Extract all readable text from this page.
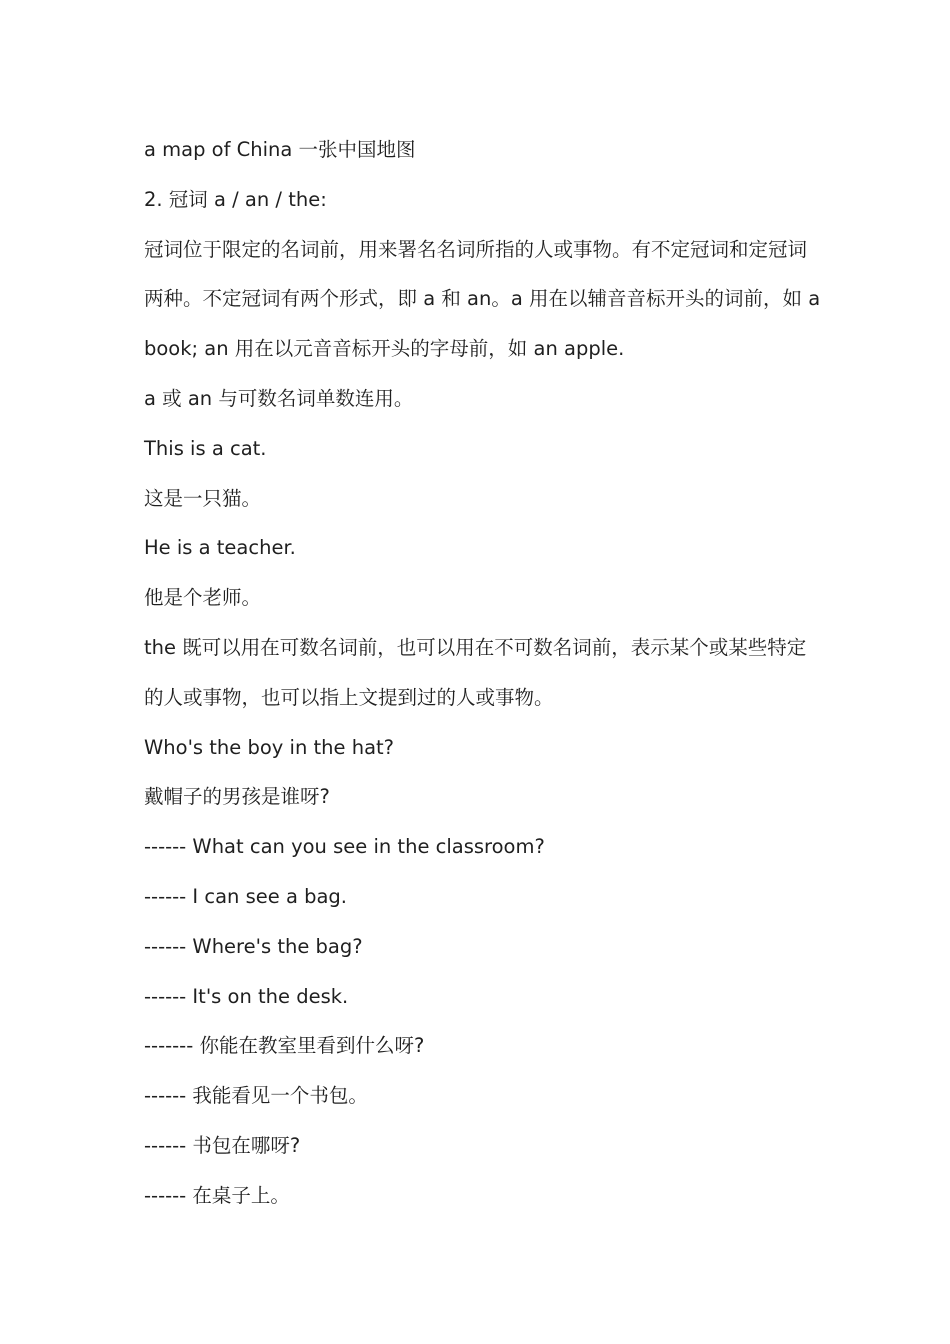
a map of China 一张中国地图
2. 冠词 a / an / the:
冠词位于限定的名词前，用来署名名词所指的人或事物。有不定冠词和定冠词
两种。不定冠词有两个形式，即 a 和 an。a 用在以辅音音标开头的词前，如 a
book; an 用在以元音音标开头的字母前，如 an apple.
a 或 an 与可数名词单数连用。
This is a cat.
这是一只猫。
He is a teacher.
他是个老师。
the 既可以用在可数名词前，也可以用在不可数名词前，表示某个或某些特定
的人或事物，也可以指上文提到过的人或事物。
Who's the boy in the hat?
戴帽子的男孩是谁呀?
------ What can you see in the classroom?
------ I can see a bag.
------ Where's the bag?
------ It's on the desk.
------- 你能在教室里看到什么呀?
------ 我能看见一个书包。
------ 书包在哪呀?
------ 在桌子上。
